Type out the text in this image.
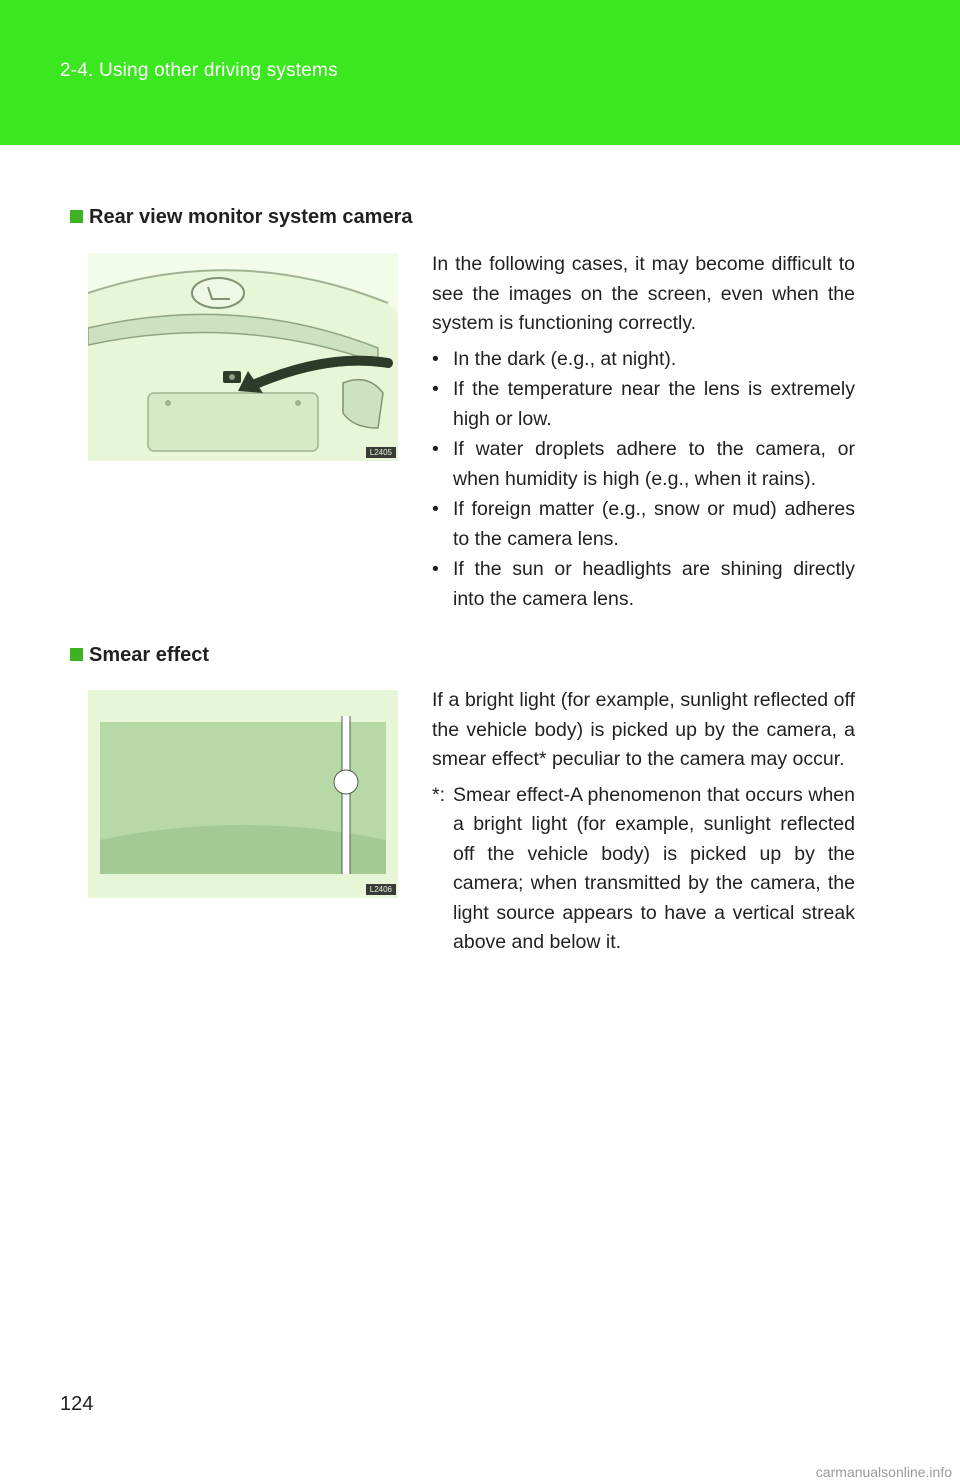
2-4. Using other driving systems
Rear view monitor system camera
L2405

In the following cases, it may become difficult to see the images on the screen, even when the system is functioning correctly.

• In the dark (e.g., at night).
• If the temperature near the lens is extremely high or low.
• If water droplets adhere to the camera, or when humidity is high (e.g., when it rains).
• If foreign matter (e.g., snow or mud) adheres to the camera lens.
• If the sun or headlights are shining directly into the camera lens.
Smear effect
L2406

If a bright light (for example, sunlight reflected off the vehicle body) is picked up by the camera, a smear effect* peculiar to the camera may occur.

*: Smear effect-A phenomenon that occurs when a bright light (for example, sunlight reflected off the vehicle body) is picked up by the camera; when transmitted by the camera, the light source appears to have a vertical streak above and below it.
124
carmanualsonline.info
